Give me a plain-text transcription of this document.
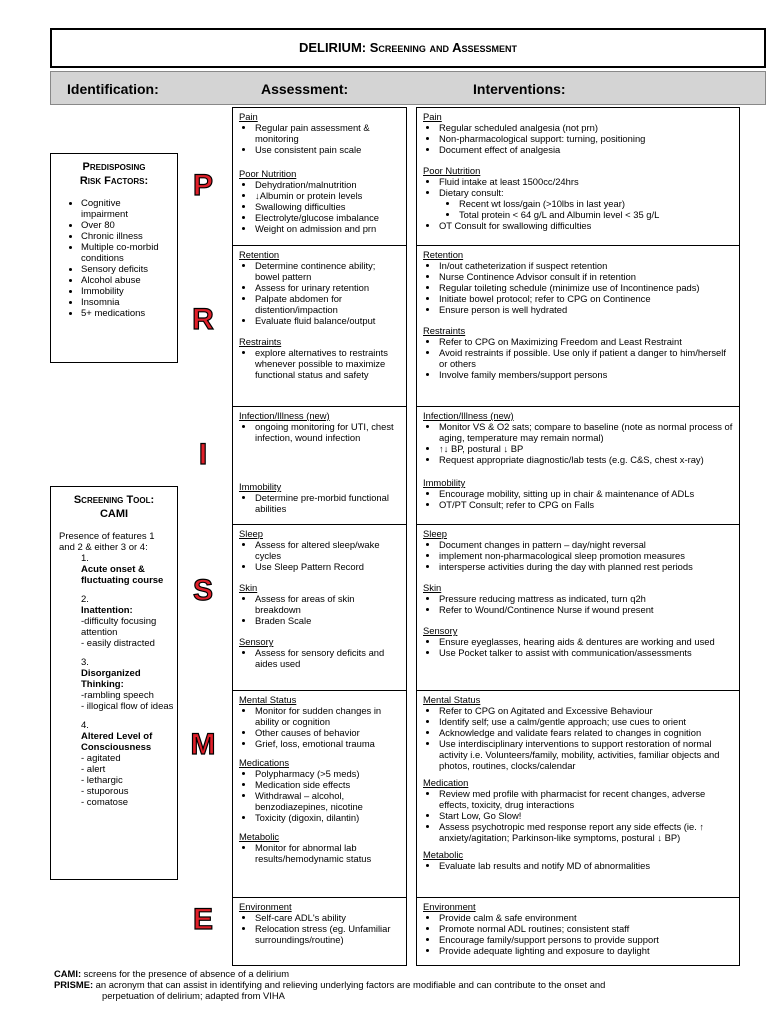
DELIRIUM: Screening and Assessment
Identification:	Assessment:	Interventions:
Predisposing
Risk Factors:
• Cognitive impairment
• Over 80
• Chronic illness
• Multiple co-morbid conditions
• Sensory deficits
• Alcohol abuse
• Immobility
• Insomnia
• 5+ medications
Screening Tool:
CAMI
Presence of features 1 and 2 & either 3 or 4:
1.
Acute onset & fluctuating course
2.
Inattention:
-difficulty focusing attention
- easily distracted
3.
Disorganized Thinking:
-rambling speech
- illogical flow of ideas
4.
Altered Level of Consciousness
- agitated
- alert
- lethargic
- stuporous
- comatose
P
R
I
S
M
E
Pain
• Regular pain assessment & monitoring
• Use consistent pain scale
Poor Nutrition
• Dehydration/malnutrition
• ↓Albumin or protein levels
• Swallowing difficulties
• Electrolyte/glucose imbalance
• Weight on admission and prn
Pain
• Regular scheduled analgesia (not prn)
• Non-pharmacological support: turning, positioning
• Document effect of analgesia
Poor Nutrition
• Fluid intake at least 1500cc/24hrs
• Dietary consult:
• Recent wt loss/gain (>10lbs in last year)
• Total protein < 64 g/L and Albumin level < 35 g/L
• OT Consult for swallowing difficulties
Retention
• Determine continence ability; bowel pattern
• Assess for urinary retention
• Palpate abdomen for distention/impaction
• Evaluate fluid balance/output
Restraints
• explore alternatives to restraints whenever possible to maximize functional status and safety
Retention
• In/out catheterization if suspect retention
• Nurse Continence Advisor consult if in retention
• Regular toileting schedule (minimize use of Incontinence pads)
• Initiate bowel protocol; refer to CPG on Continence
• Ensure person is well hydrated
Restraints
• Refer to CPG on Maximizing Freedom and Least Restraint
• Avoid restraints if possible. Use only if patient a danger to him/herself or others
• Involve family members/support persons
Infection/Illness (new)
• ongoing monitoring for UTI, chest infection, wound infection
Immobility
• Determine pre-morbid functional abilities
Infection/Illness (new)
• Monitor VS & O2 sats; compare to baseline (note as normal process of aging, temperature may remain normal)
• ↑↓ BP, postural ↓ BP
• Request appropriate diagnostic/lab tests (e.g. C&S, chest x-ray)
Immobility
• Encourage mobility, sitting up in chair & maintenance of ADLs
• OT/PT Consult; refer to CPG on Falls
Sleep
• Assess for altered sleep/wake cycles
• Use Sleep Pattern Record
Skin
• Assess for areas of skin breakdown
• Braden Scale
Sensory
• Assess for sensory deficits and aides used
Sleep
• Document changes in pattern – day/night reversal
• implement non-pharmacological sleep promotion measures
• intersperse activities during the day with planned rest periods
Skin
• Pressure reducing mattress as indicated, turn q2h
• Refer to Wound/Continence Nurse if wound present
Sensory
• Ensure eyeglasses, hearing aids & dentures are working and used
• Use Pocket talker to assist with communication/assessments
Mental Status
• Monitor for sudden changes in ability or cognition
• Other causes of behavior
• Grief, loss, emotional trauma
Medications
• Polypharmacy (>5 meds)
• Medication side effects
• Withdrawal – alcohol, benzodiazepines, nicotine
• Toxicity (digoxin, dilantin)
Metabolic
• Monitor for abnormal lab results/hemodynamic status
Mental Status
• Refer to CPG on Agitated and Excessive Behaviour
• Identify self; use a calm/gentle approach; use cues to orient
• Acknowledge and validate fears related to changes in cognition
• Use interdisciplinary interventions to support restoration of normal activity i.e. Volunteers/family, mobility, activities, familiar objects and photos, routines, clocks/calendar
Medication
• Review med profile with pharmacist for recent changes, adverse effects, toxicity, drug interactions
• Start Low, Go Slow!
• Assess psychotropic med response report any side effects (ie. ↑ anxiety/agitation; Parkinson-like symptoms, postural ↓ BP)
Metabolic
• Evaluate lab results and notify MD of abnormalities
Environment
• Self-care ADL's ability
• Relocation stress (eg. Unfamiliar surroundings/routine)
Environment
• Provide calm & safe environment
• Promote normal ADL routines; consistent staff
• Encourage family/support persons to provide support
• Provide adequate lighting and exposure to daylight
CAMI: screens for the presence of absence of a delirium
PRISME: an acronym that can assist in identifying and relieving underlying factors are modifiable and can contribute to the onset and
perpetuation of delirium; adapted from VIHA
